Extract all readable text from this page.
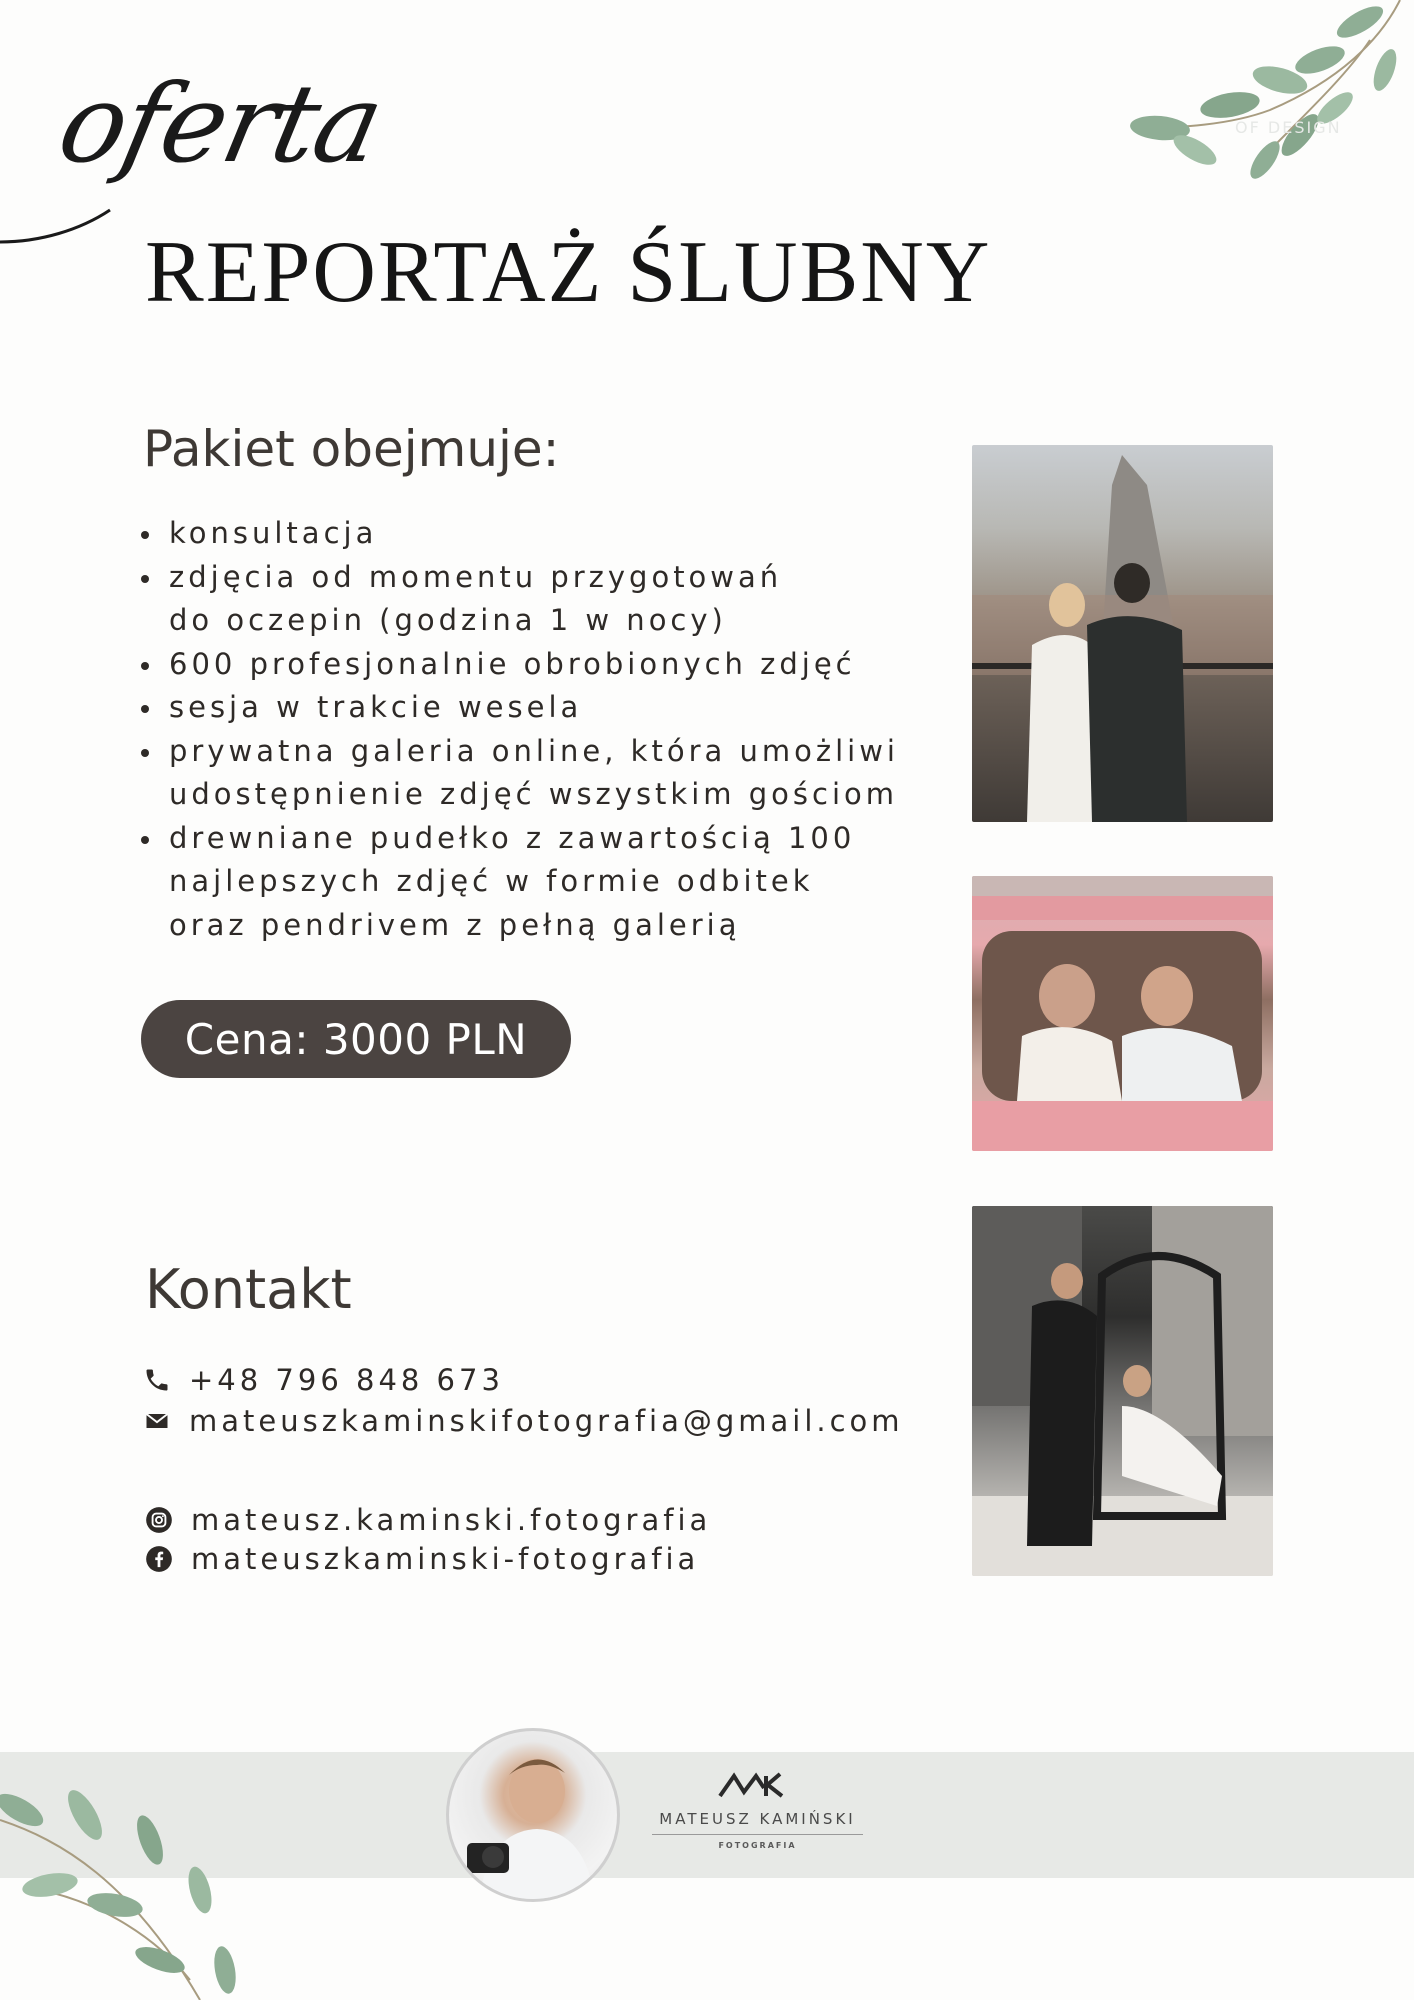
OF DESIGN
oferta
REPORTAŻ ŚLUBNY
Pakiet obejmuje:
konsultacja
zdjęcia od momentu przygotowań
do oczepin (godzina 1 w nocy)
600 profesjonalnie obrobionych zdjęć
sesja w trakcie wesela
prywatna galeria online, która umożliwi
udostępnienie zdjęć wszystkim gościom
drewniane pudełko z zawartością 100
najlepszych zdjęć w formie odbitek
oraz pendrivem z pełną galerią
Cena: 3000 PLN
Kontakt
+48 796 848 673
mateuszkaminskifotografia@gmail.com
mateusz.kaminski.fotografia
mateuszkaminski-fotografia
MATEUSZ KAMIŃSKI
FOTOGRAFIA
